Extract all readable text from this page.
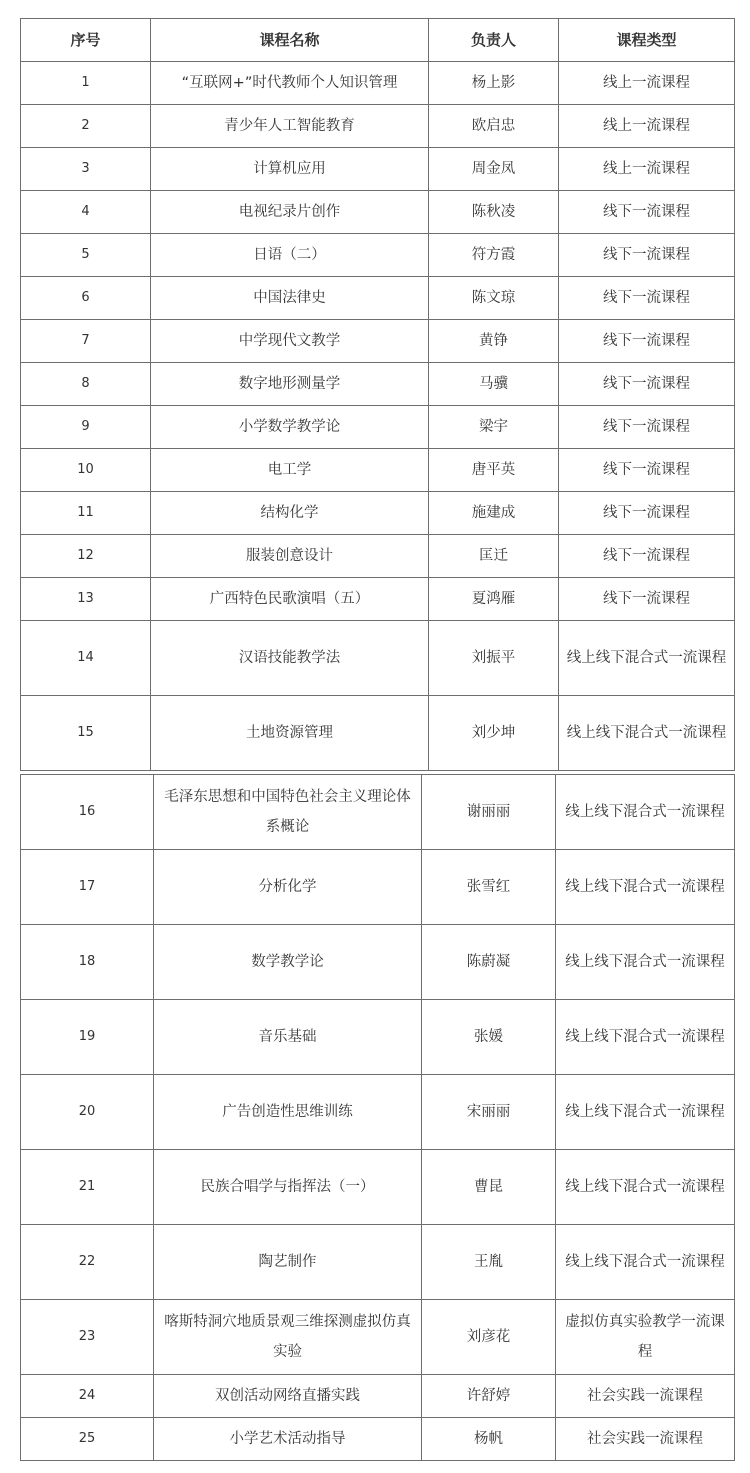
序号	课程名称	负责人	课程类型
1	“互联网+”时代教师个人知识管理	杨上影	线上一流课程
2	青少年人工智能教育	欧启忠	线上一流课程
3	计算机应用	周金凤	线上一流课程
4	电视纪录片创作	陈秋凌	线下一流课程
5	日语（二）	符方霞	线下一流课程
6	中国法律史	陈文琼	线下一流课程
7	中学现代文教学	黄铮	线下一流课程
8	数字地形测量学	马骥	线下一流课程
9	小学数学教学论	梁宇	线下一流课程
10	电工学	唐平英	线下一流课程
11	结构化学	施建成	线下一流课程
12	服装创意设计	匡迁	线下一流课程
13	广西特色民歌演唱（五）	夏鸿雁	线下一流课程
14	汉语技能教学法	刘振平	线上线下混合式一流课程
15	土地资源管理	刘少坤	线上线下混合式一流课程
16	毛泽东思想和中国特色社会主义理论体系概论	谢丽丽	线上线下混合式一流课程
17	分析化学	张雪红	线上线下混合式一流课程
18	数学教学论	陈蔚凝	线上线下混合式一流课程
19	音乐基础	张媛	线上线下混合式一流课程
20	广告创造性思维训练	宋丽丽	线上线下混合式一流课程
21	民族合唱学与指挥法（一）	曹昆	线上线下混合式一流课程
22	陶艺制作	王胤	线上线下混合式一流课程
23	喀斯特洞穴地质景观三维探测虚拟仿真实验	刘彦花	虚拟仿真实验教学一流课程
24	双创活动网络直播实践	许舒婷	社会实践一流课程
25	小学艺术活动指导	杨帆	社会实践一流课程
